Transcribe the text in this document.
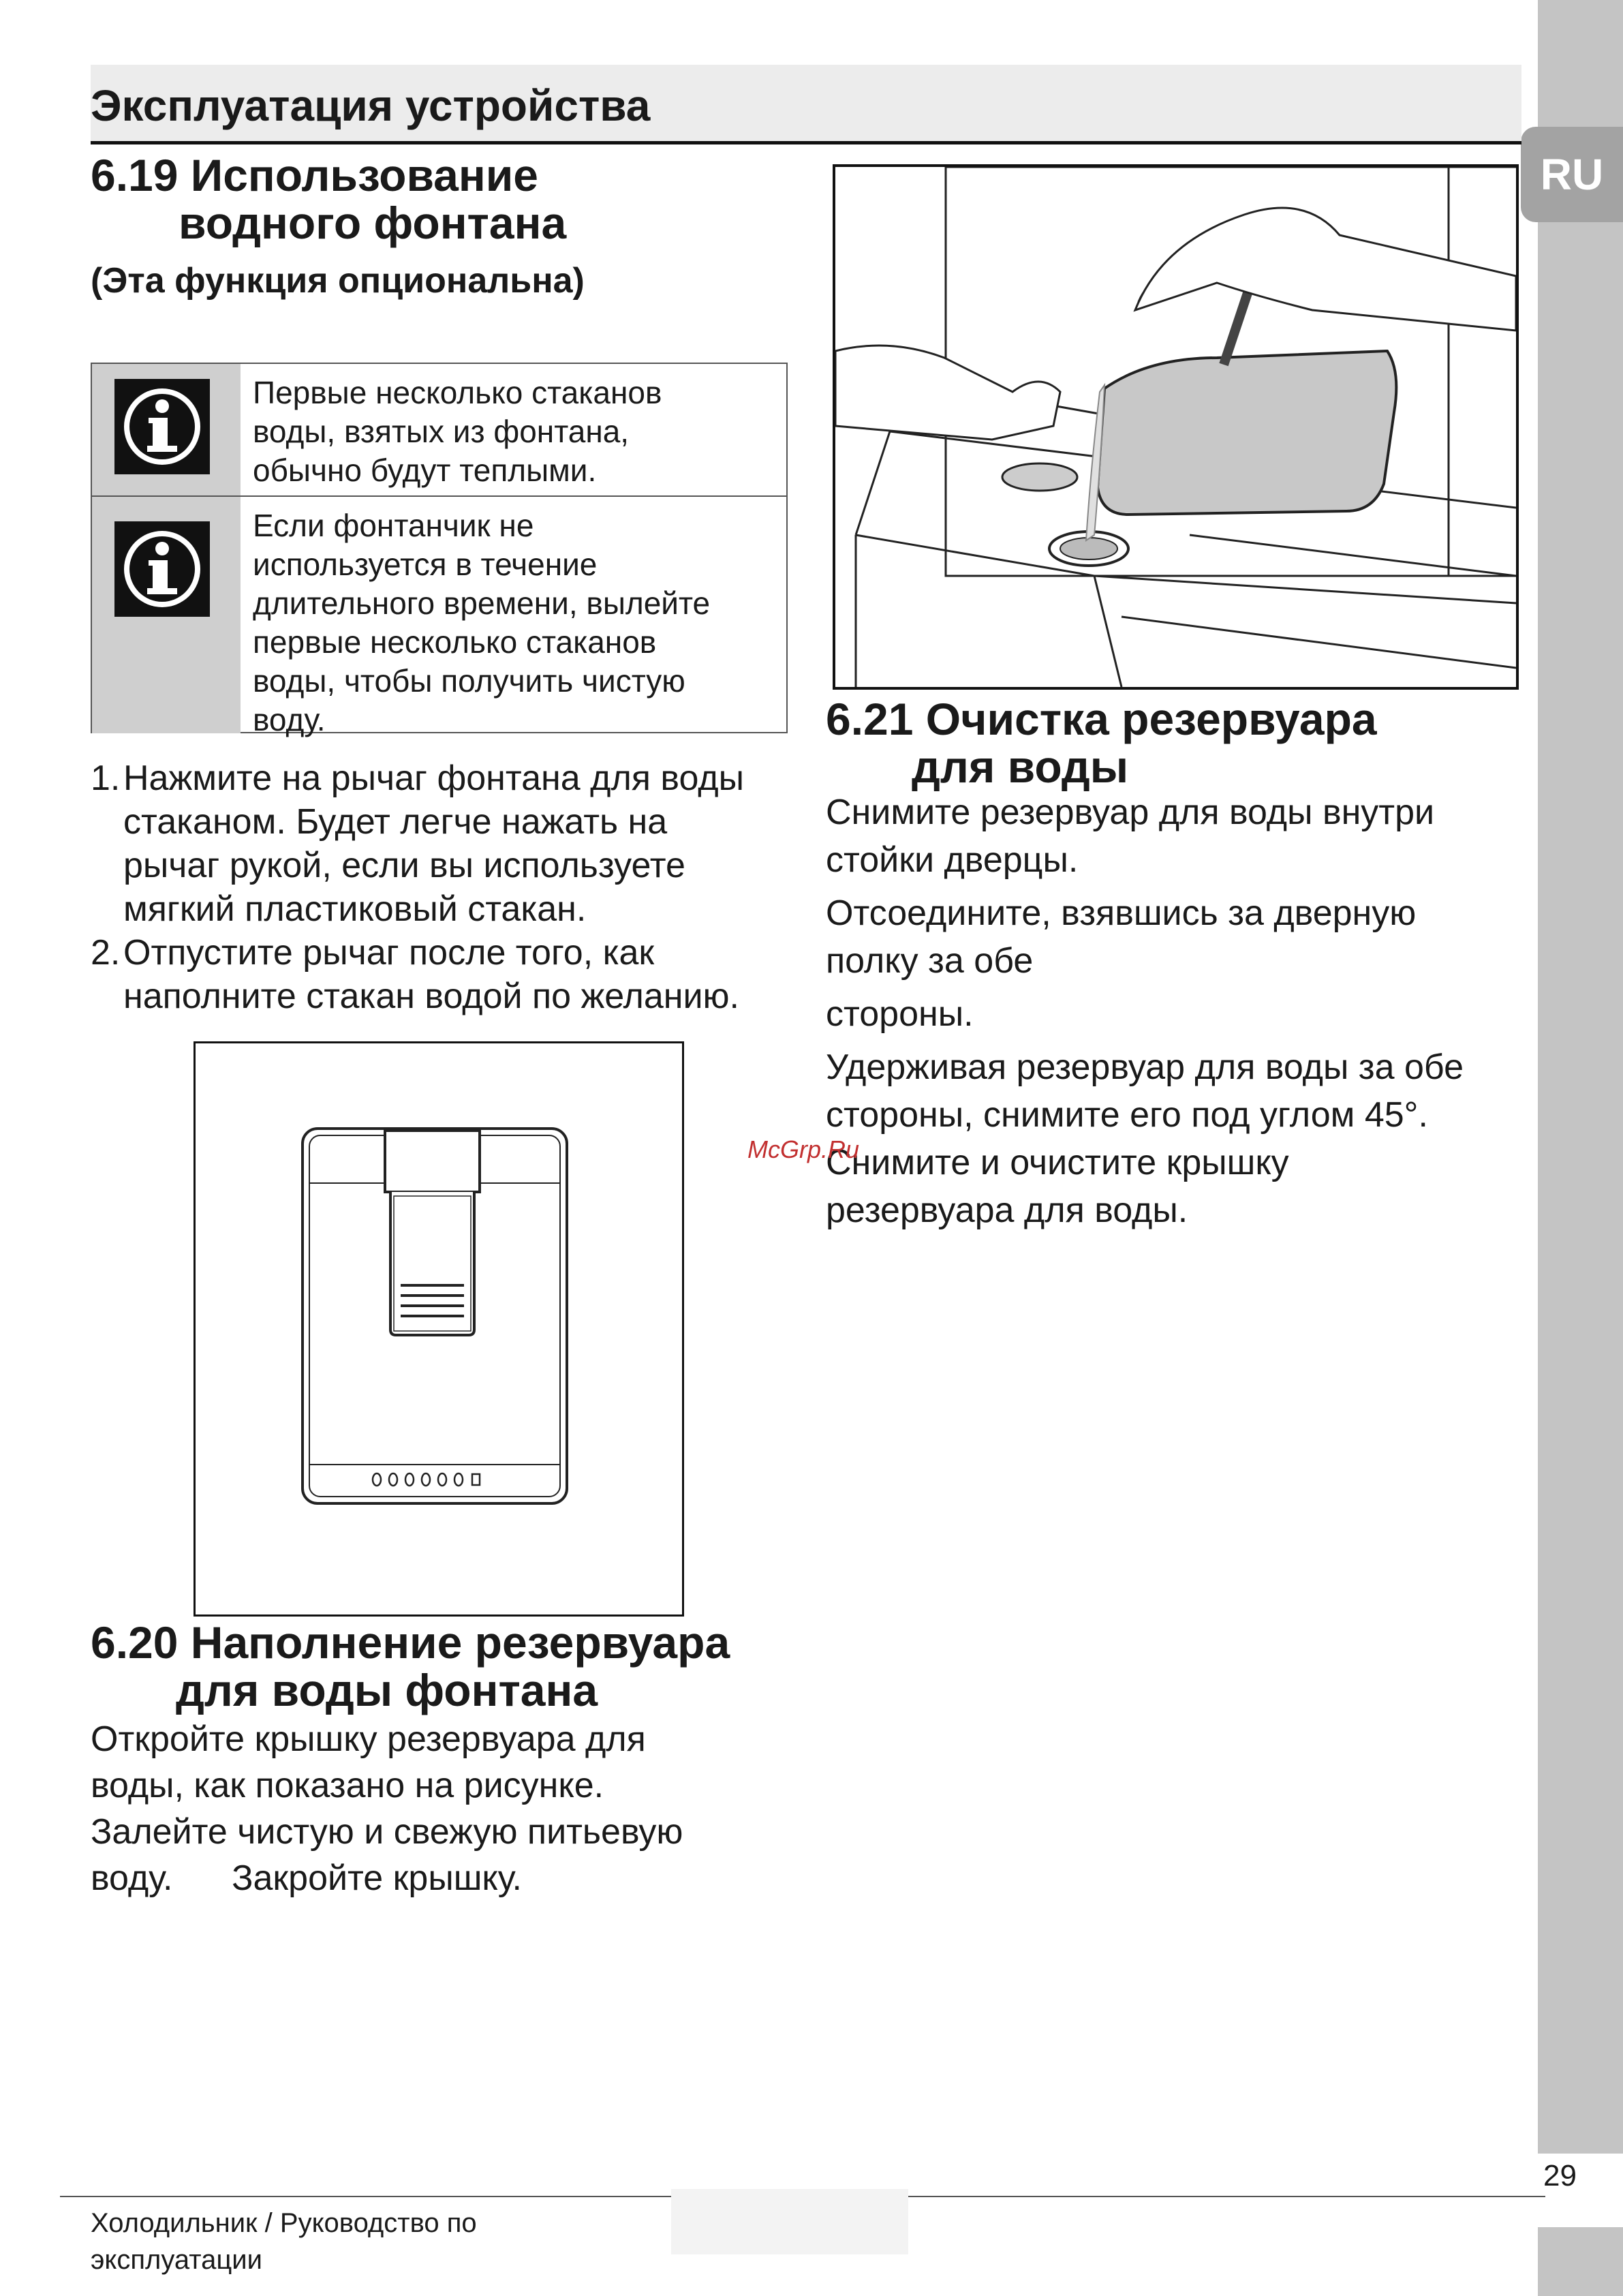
RU
Эксплуатация устройства
6.19 Использование
водного фонтана
(Эта функция опциональна)
Первые несколько стаканов
воды, взятых из фонтана,
обычно будут теплыми.
Если фонтанчик не
используется в течение
длительного времени, вылейте
первые несколько стаканов
воды, чтобы получить чистую
воду.
1. Нажмите на рычаг фонтана для воды
стаканом. Будет легче нажать на
рычаг рукой, если вы используете
мягкий пластиковый стакан.
2. Отпустите рычаг после того, как
наполните стакан водой по желанию.
6.20 Наполнение резервуара
для воды фонтана
Откройте крышку резервуара для
воды, как показано на рисунке.
Залейте чистую и свежую питьевую
воду.      Закройте крышку.
6.21 Очистка резервуара
для воды
Снимите резервуар для воды внутри
стойки дверцы.
Отсоедините, взявшись за дверную
полку за обе
стороны.
Удерживая резервуар для воды за обе
стороны, снимите его под углом 45°.
Снимите и очистите крышку
резервуара для воды.
McGrp.Ru
29
Холодильник / Руководство по
эксплуатации
